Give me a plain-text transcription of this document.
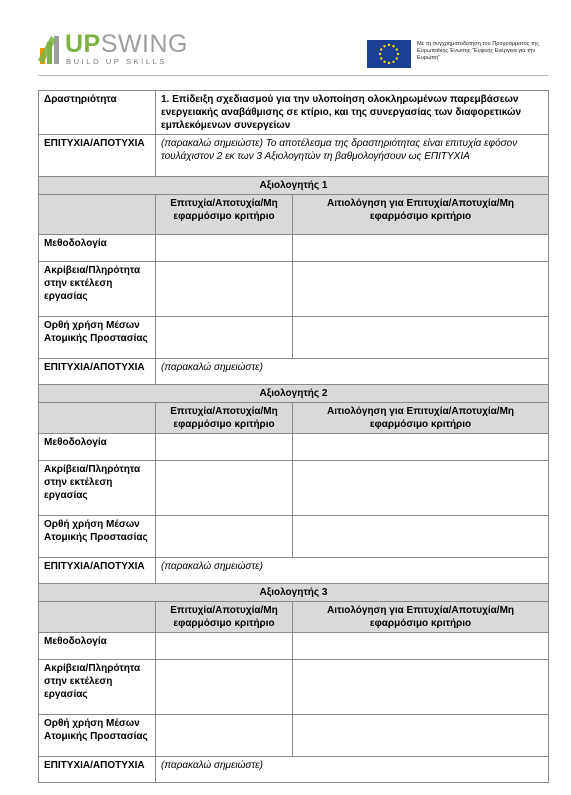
UPSWING
BUILD UP SKILLS
Με τη συγχρηματοδότηση του Προγράμματος της Ευρωπαϊκής Ένωσης “Ευφυής Ενέργεια για την Ευρώπη”
Δραστηριότητα	1. Επίδειξη σχεδιασμού για την υλοποίηση ολοκληρωμένων παρεμβάσεων ενεργειακής αναβάθμισης σε κτίριο, και της συνεργασίας των διαφορετικών εμπλεκόμενων συνεργείων	
ΕΠΙΤΥΧΙΑ/ΑΠΟΤΥΧΙΑ	(παρακαλώ σημειώστε) Το αποτέλεσμα της δραστηριότητας είναι επιτυχία εφόσον τουλάχιστον 2 εκ των 3 Αξιολογητών τη βαθμολογήσουν ως ΕΠΙΤΥΧΙΑ	
Αξιολογητής 1		
	Επιτυχία/Αποτυχία/Μη εφαρμόσιμο κριτήριο	Αιτιολόγηση για Επιτυχία/Αποτυχία/Μη εφαρμόσιμο κριτήριο
Μεθοδολογία		
Ακρίβεια/Πληρότητα στην εκτέλεση εργασίας		
Ορθή χρήση Μέσων Ατομικής Προστασίας		
ΕΠΙΤΥΧΙΑ/ΑΠΟΤΥΧΙΑ	(παρακαλώ σημειώστε)	
Αξιολογητής 2		
	Επιτυχία/Αποτυχία/Μη εφαρμόσιμο κριτήριο	Αιτιολόγηση για Επιτυχία/Αποτυχία/Μη εφαρμόσιμο κριτήριο
Μεθοδολογία		
Ακρίβεια/Πληρότητα στην εκτέλεση εργασίας		
Ορθή χρήση Μέσων Ατομικής Προστασίας		
ΕΠΙΤΥΧΙΑ/ΑΠΟΤΥΧΙΑ	(παρακαλώ σημειώστε)	
Αξιολογητής 3		
	Επιτυχία/Αποτυχία/Μη εφαρμόσιμο κριτήριο	Αιτιολόγηση για Επιτυχία/Αποτυχία/Μη εφαρμόσιμο κριτήριο
Μεθοδολογία		
Ακρίβεια/Πληρότητα στην εκτέλεση εργασίας		
Ορθή χρήση Μέσων Ατομικής Προστασίας		
ΕΠΙΤΥΧΙΑ/ΑΠΟΤΥΧΙΑ	(παρακαλώ σημειώστε)	
